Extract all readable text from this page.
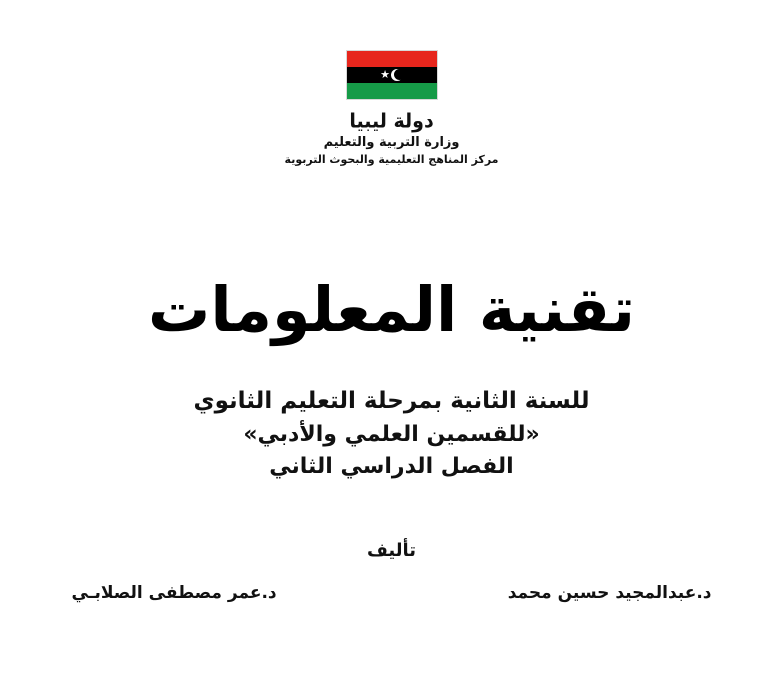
★
دولة ليبيا
وزارة التربية والتعليم
مركز المناهج التعليمية والبحوث التربوية
تقنية المعلومات
للسنة الثانية بمرحلة التعليم الثانوي
«للقسمين العلمي والأدبي»
الفصل الدراسي الثاني
تأليف
د.عبدالمجيد حسين محمد
د.عمر مصطفى الصلابـي
